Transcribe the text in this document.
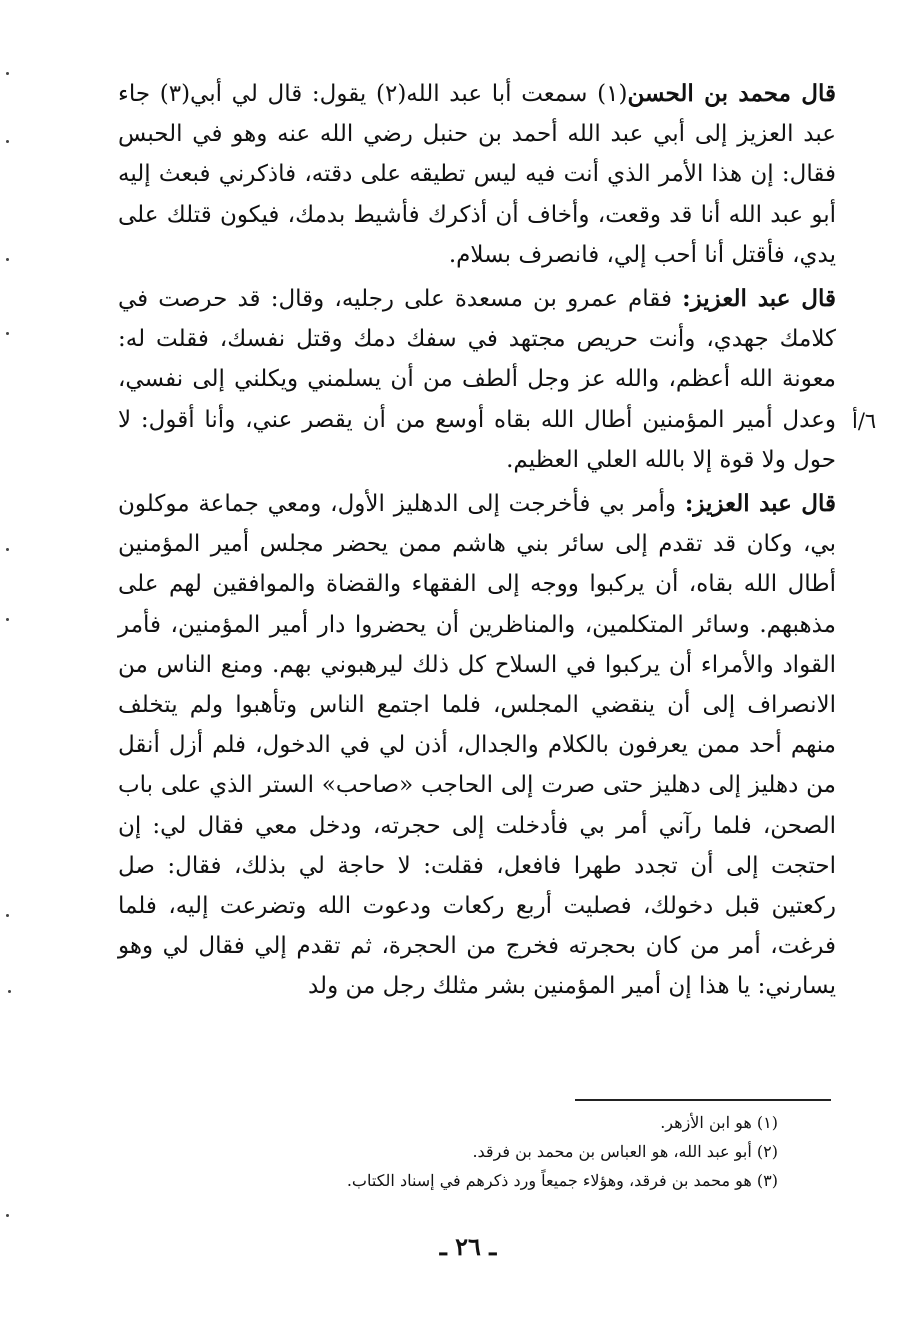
قال محمد بن الحسن(١) سمعت أبا عبد الله(٢) يقول: قال لي أبي(٣) جاء عبد العزيز إلى أبي عبد الله أحمد بن حنبل رضي الله عنه وهو في الحبس فقال: إن هذا الأمر الذي أنت فيه ليس تطيقه على دقته، فاذكرني فبعث إليه أبو عبد الله أنا قد وقعت، وأخاف أن أذكرك فأشيط بدمك، فيكون قتلك على يدي، فأقتل أنا أحب إلي، فانصرف بسلام.

قال عبد العزيز: فقام عمرو بن مسعدة على رجليه، وقال: قد حرصت في كلامك جهدي، وأنت حريص مجتهد في سفك دمك وقتل نفسك، فقلت له: معونة الله أعظم، والله عز وجل ألطف من أن يسلمني ويكلني إلى نفسي، وعدل أمير المؤمنين أطال الله بقاه أوسع من أن يقصر عني، وأنا أقول: لا حول ولا قوة إلا بالله العلي العظيم.

قال عبد العزيز: وأمر بي فأخرجت إلى الدهليز الأول، ومعي جماعة موكلون بي، وكان قد تقدم إلى سائر بني هاشم ممن يحضر مجلس أمير المؤمنين أطال الله بقاه، أن يركبوا ووجه إلى الفقهاء والقضاة والموافقين لهم على مذهبهم. وسائر المتكلمين، والمناظرين أن يحضروا دار أمير المؤمنين، فأمر القواد والأمراء أن يركبوا في السلاح كل ذلك ليرهبوني بهم. ومنع الناس من الانصراف إلى أن ينقضي المجلس، فلما اجتمع الناس وتأهبوا ولم يتخلف منهم أحد ممن يعرفون بالكلام والجدال، أذن لي في الدخول، فلم أزل أنقل من دهليز إلى دهليز حتى صرت إلى الحاجب «صاحب» الستر الذي على باب الصحن، فلما رآني أمر بي فأدخلت إلى حجرته، ودخل معي فقال لي: إن احتجت إلى أن تجدد طهرا فافعل، فقلت: لا حاجة لي بذلك، فقال: صل ركعتين قبل دخولك، فصليت أربع ركعات ودعوت الله وتضرعت إليه، فلما فرغت، أمر من كان بحجرته فخرج من الحجرة، ثم تقدم إلي فقال لي وهو يسارني: يا هذا إن أمير المؤمنين بشر مثلك رجل من ولد

٦/أ

(١) هو ابن الأزهر.

(٢) أبو عبد الله، هو العباس بن محمد بن فرقد.

(٣) هو محمد بن فرقد، وهؤلاء جميعاً ورد ذكرهم في إسناد الكتاب.

ـ ٢٦ ـ
